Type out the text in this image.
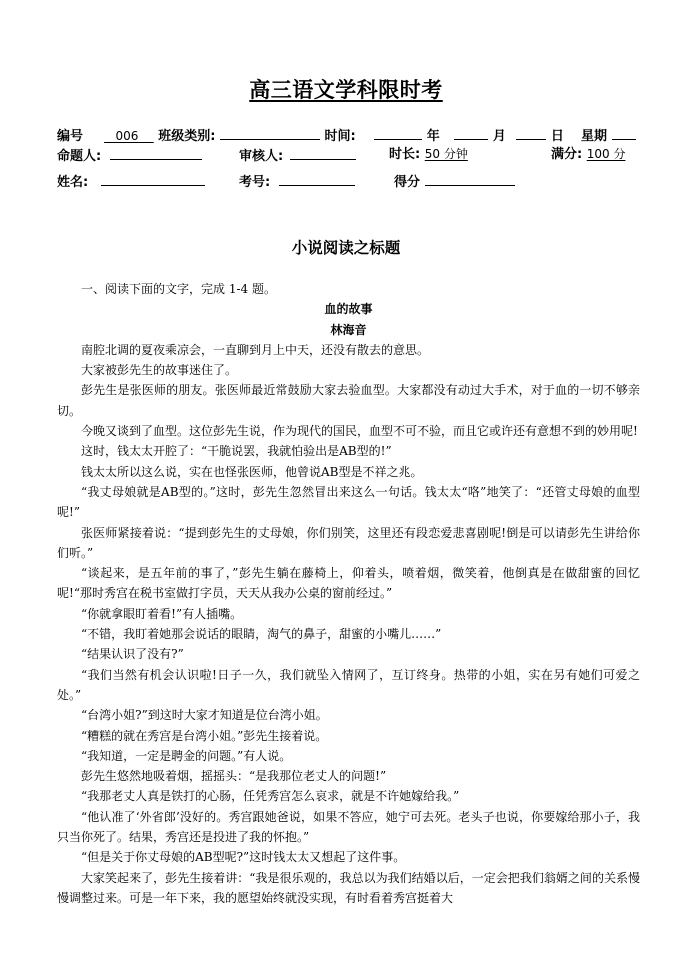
高三语文学科限时考
编号	006 班级类别:	时间:	年	月	日 星期
命题人:	审核人:	时长: 50 分钟	满分: 100 分
姓名:	考号:	得分
小说阅读之标题

一、阅读下面的文字，完成 1-4 题。

血的故事

林海音

南腔北调的夏夜乘凉会，一直聊到月上中天，还没有散去的意思。

大家被彭先生的故事迷住了。

彭先生是张医师的朋友。张医师最近常鼓励大家去验血型。大家都没有动过大手术，对于血的一切不够亲切。

今晚又谈到了血型。这位彭先生说，作为现代的国民，血型不可不验，而且它或许还有意想不到的妙用呢!

这时，钱太太开腔了：“干脆说罢，我就怕验出是AB型的!”

钱太太所以这么说，实在也怪张医师，他曾说AB型是不祥之兆。

“我丈母娘就是AB型的。”这时，彭先生忽然冒出来这么一句话。钱太太“咯”地笑了：“还管丈母娘的血型呢!”

张医师紧接着说：“提到彭先生的丈母娘，你们别笑，这里还有段恋爱悲喜剧呢!倒是可以请彭先生讲给你们听。”

“谈起来，是五年前的事了，”彭先生躺在藤椅上，仰着头，喷着烟，微笑着，他倒真是在做甜蜜的回忆呢!“那时秀宫在税书室做打字员，天天从我办公桌的窗前经过。”

“你就拿眼盯着看!”有人插嘴。

“不错，我盯着她那会说话的眼睛，淘气的鼻子，甜蜜的小嘴儿……”

“结果认识了没有?”

“我们当然有机会认识啦!日子一久，我们就坠入情网了，互订终身。热带的小姐，实在另有她们可爱之处。”

“台湾小姐?”到这时大家才知道是位台湾小姐。

“糟糕的就在秀宫是台湾小姐。”彭先生接着说。

“我知道，一定是聘金的问题。”有人说。

彭先生悠然地吸着烟，摇摇头：“是我那位老丈人的问题!”

“我那老丈人真是铁打的心肠，任凭秀宫怎么哀求，就是不许她嫁给我。”

“他认准了‘外省郎’没好的。秀宫跟她爸说，如果不答应，她宁可去死。老头子也说，你要嫁给那小子，我只当你死了。结果，秀宫还是投进了我的怀抱。”

“但是关于你丈母娘的AB型呢?”这时钱太太又想起了这件事。

大家笑起来了，彭先生接着讲：“我是很乐观的，我总以为我们结婚以后，一定会把我们翁婿之间的关系慢慢调整过来。可是一年下来，我的愿望始终就没实现，有时看着秀宫挺着大
